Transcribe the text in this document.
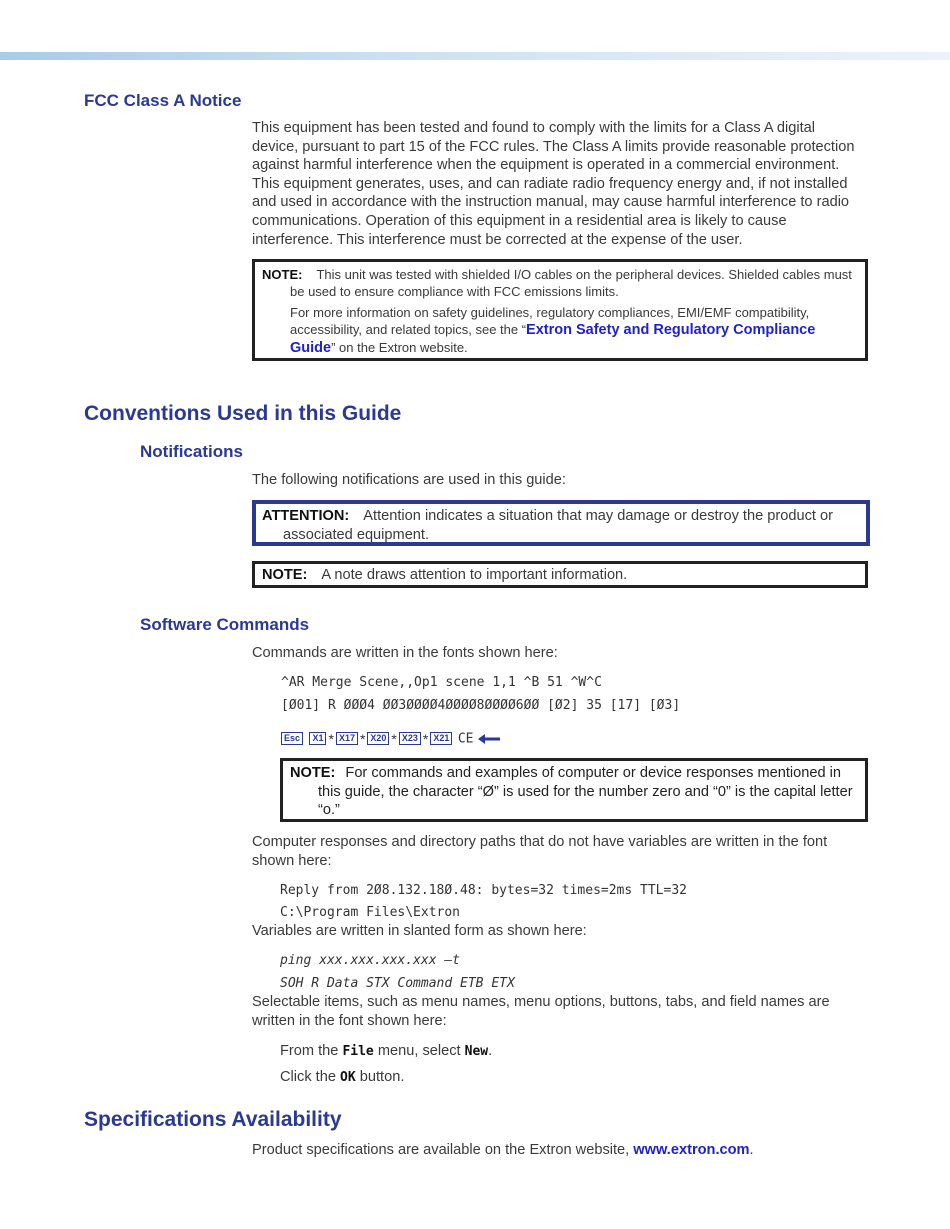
FCC Class A Notice
This equipment has been tested and found to comply with the limits for a Class A digital device, pursuant to part 15 of the FCC rules. The Class A limits provide reasonable protection against harmful interference when the equipment is operated in a commercial environment. This equipment generates, uses, and can radiate radio frequency energy and, if not installed and used in accordance with the instruction manual, may cause harmful interference to radio communications. Operation of this equipment in a residential area is likely to cause interference. This interference must be corrected at the expense of the user.
NOTE: This unit was tested with shielded I/O cables on the peripheral devices. Shielded cables must be used to ensure compliance with FCC emissions limits.
For more information on safety guidelines, regulatory compliances, EMI/EMF compatibility, accessibility, and related topics, see the “Extron Safety and Regulatory Compliance Guide” on the Extron website.
Conventions Used in this Guide
Notifications
The following notifications are used in this guide:
ATTENTION: Attention indicates a situation that may damage or destroy the product or associated equipment.
NOTE: A note draws attention to important information.
Software Commands
Commands are written in the fonts shown here:
^AR Merge Scene,,Op1 scene 1,1 ^B 51 ^W^C
[Ø01] R ØØØ4 ØØ3ØØØØ4ØØØØ8ØØØØ6ØØ [Ø2] 35 [17] [Ø3]
Esc X1 * X17 * X20 * X23 * X21 CE
NOTE: For commands and examples of computer or device responses mentioned in this guide, the character “Ø” is used for the number zero and “0” is the capital letter “o.”
Computer responses and directory paths that do not have variables are written in the font shown here:
Reply from 2Ø8.132.18Ø.48: bytes=32 times=2ms TTL=32
C:\Program Files\Extron
Variables are written in slanted form as shown here:
ping xxx.xxx.xxx.xxx —t
SOH R Data STX Command ETB ETX
Selectable items, such as menu names, menu options, buttons, tabs, and field names are written in the font shown here:
From the File menu, select New.
Click the OK button.
Specifications Availability
Product specifications are available on the Extron website, www.extron.com.
